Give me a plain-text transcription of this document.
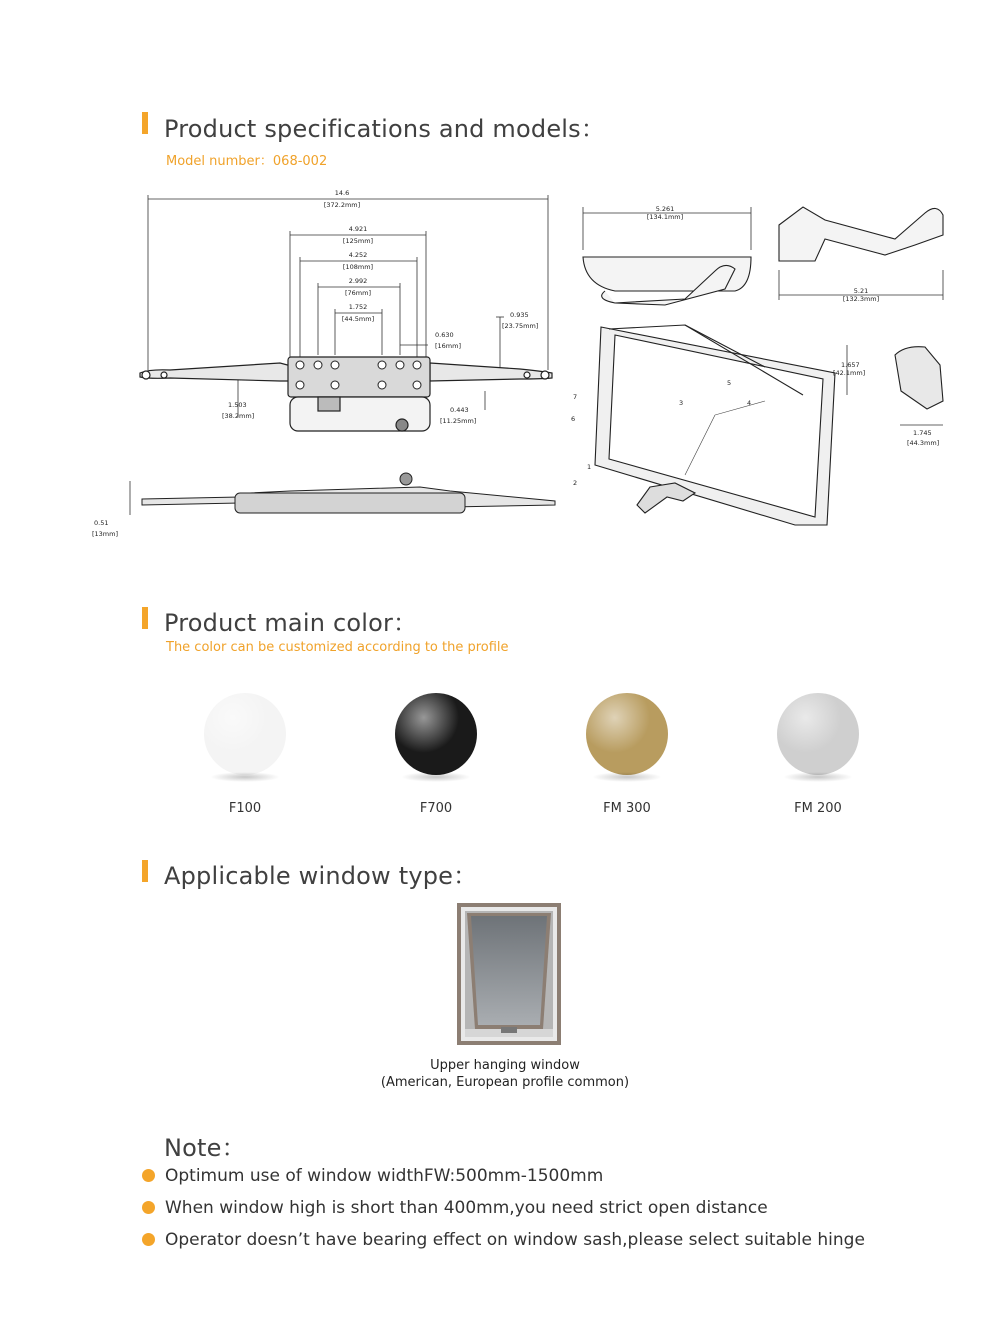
Product specifications and models：
Model number：068-002
14.6
[372.2mm]
4.921
[125mm]
4.252
[108mm]
2.992
[76mm]
1.752
[44.5mm]
0.630
[16mm]
0.935
[23.75mm]
1.503
[38.2mm]
0.443
[11.25mm]
0.51
[13mm]
5.261
[134.1mm]
5.21
[132.3mm]
1.657
[42.1mm]
1.745
[44.3mm]
1
2
3	4
5
6
7
Product main color：
The color can be customized according to the profile
F100	F700	FM 300	FM 200
Applicable window type：
Upper hanging window
(American, European profile common)
Note：
Optimum use of window widthFW:500mm-1500mm
When window high is short than 400mm,you need strict open distance
Operator doesn’t have bearing effect on window sash,please select suitable hinge
